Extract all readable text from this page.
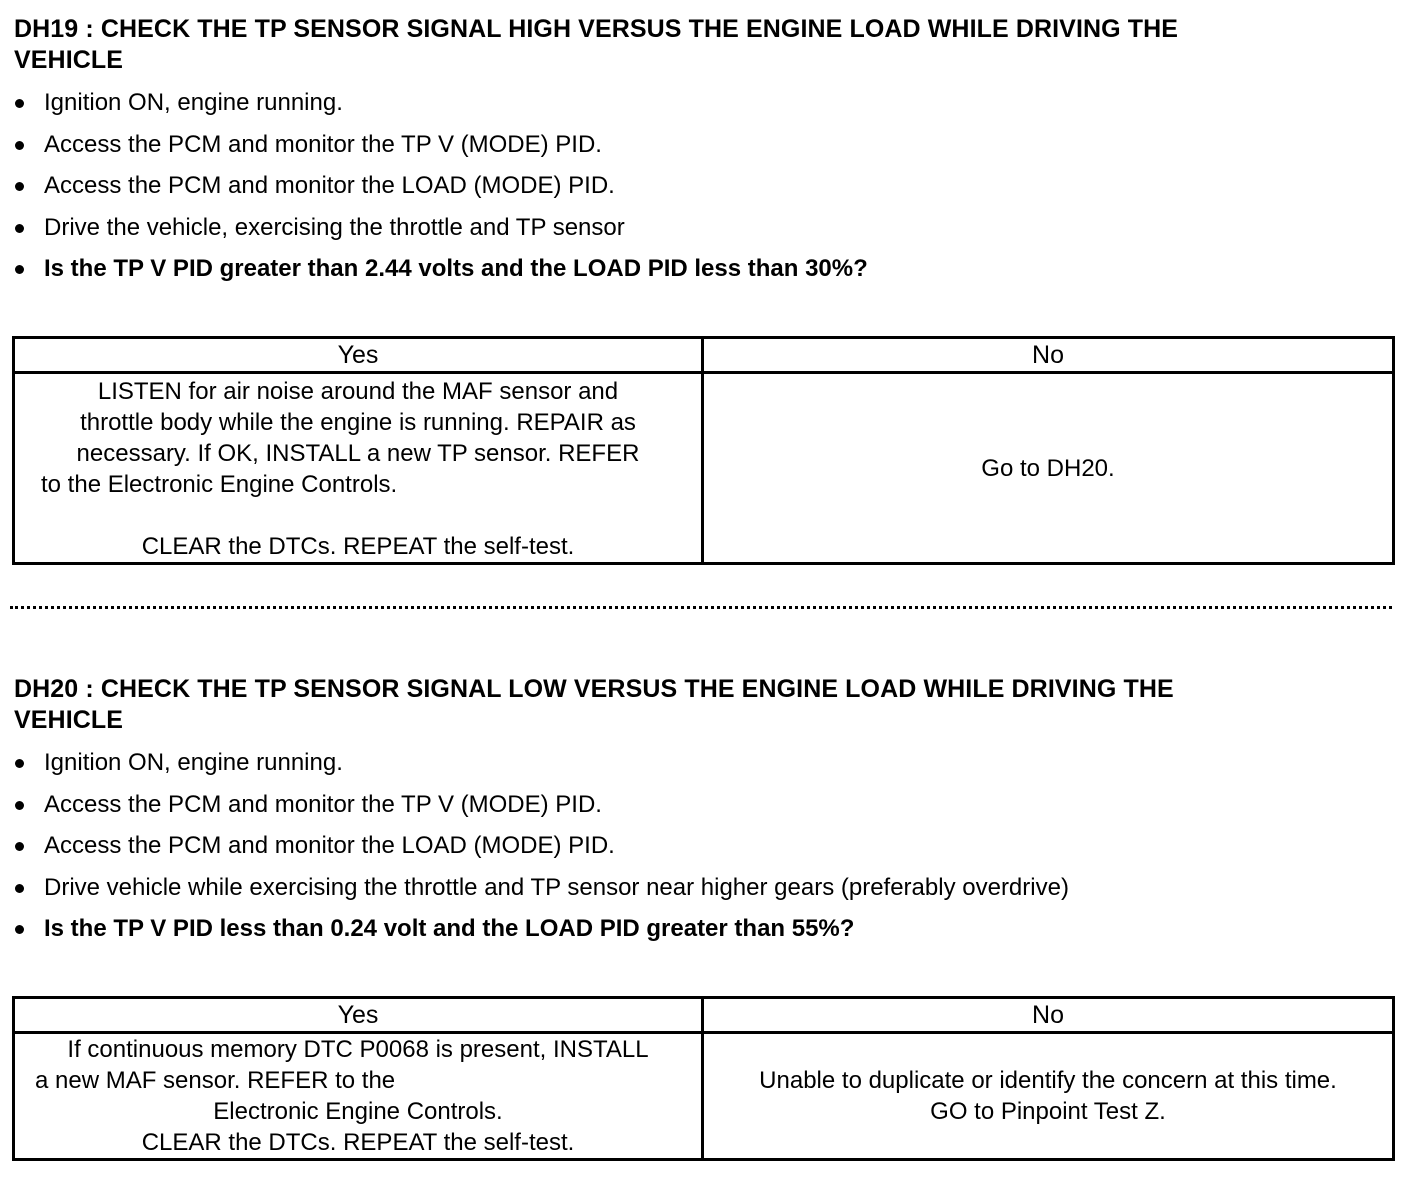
DH19 : CHECK THE TP SENSOR SIGNAL HIGH VERSUS THE ENGINE LOAD WHILE DRIVING THE
VEHICLE
Ignition ON, engine running.
Access the PCM and monitor the TP V (MODE) PID.
Access the PCM and monitor the LOAD (MODE) PID.
Drive the vehicle, exercising the throttle and TP sensor
Is the TP V PID greater than 2.44 volts and the LOAD PID less than 30%?
Yes	No

LISTEN for air noise around the MAF sensor and
throttle body while the engine is running. REPAIR as
necessary. If OK, INSTALL a new TP sensor. REFER
to the Electronic Engine Controls.
CLEAR the DTCs. REPEAT the self-test.	Go to DH20.
DH20 : CHECK THE TP SENSOR SIGNAL LOW VERSUS THE ENGINE LOAD WHILE DRIVING THE
VEHICLE
Ignition ON, engine running.
Access the PCM and monitor the TP V (MODE) PID.
Access the PCM and monitor the LOAD (MODE) PID.
Drive vehicle while exercising the throttle and TP sensor near higher gears (preferably overdrive)
Is the TP V PID less than 0.24 volt and the LOAD PID greater than 55%?
Yes	No

If continuous memory DTC P0068 is present, INSTALL
a new MAF sensor. REFER to the
Electronic Engine Controls.
CLEAR the DTCs. REPEAT the self-test.	Unable to duplicate or identify the concern at this time.
GO to Pinpoint Test Z.
